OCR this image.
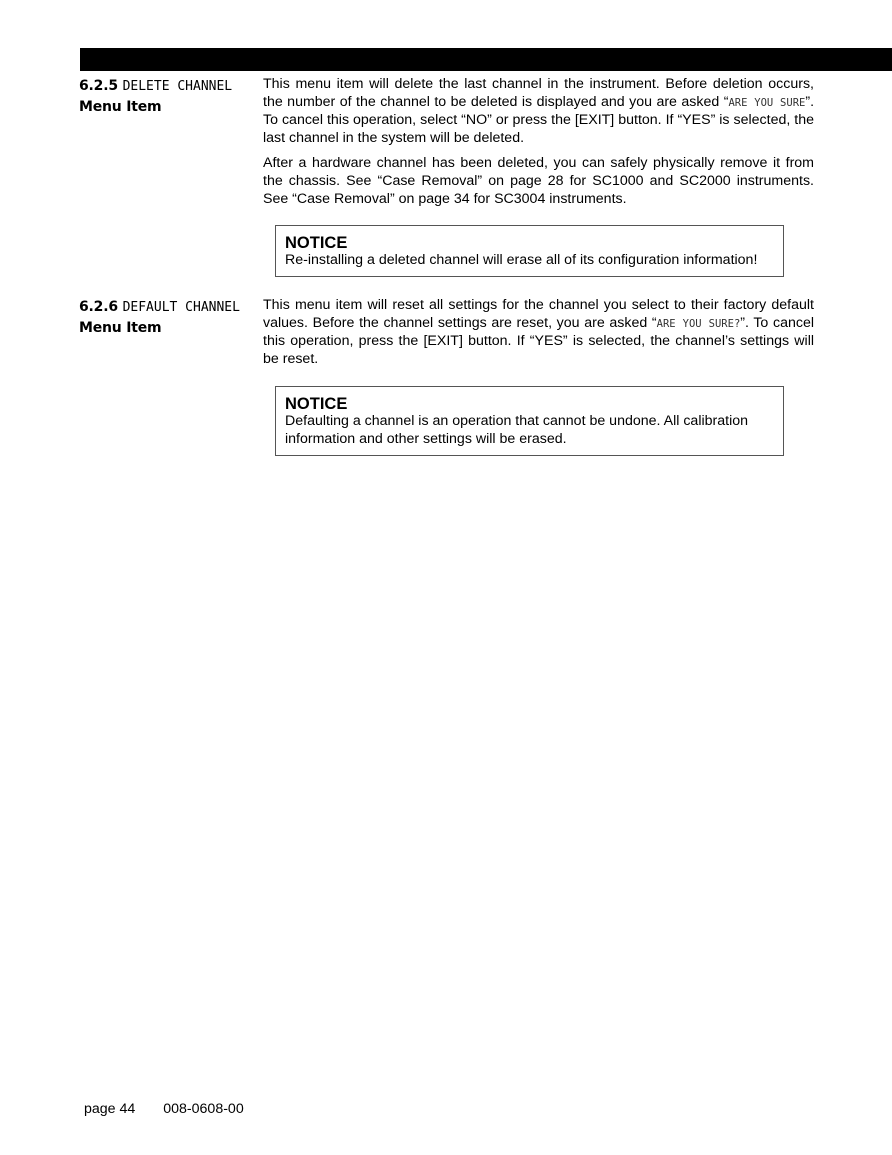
6.2.5 DELETE CHANNEL
Menu Item

This menu item will delete the last channel in the instrument. Before deletion occurs, the number of the channel to be deleted is displayed and you are asked “ARE YOU SURE”. To cancel this operation, select “NO” or press the [EXIT] button. If “YES” is selected, the last channel in the system will be deleted.

After a hardware channel has been deleted, you can safely physically remove it from the chassis. See “Case Removal” on page 28 for SC1000 and SC2000 instruments. See “Case Removal” on page 34 for SC3004 instruments.

NOTICE
Re-installing a deleted channel will erase all of its configuration information!
6.2.6 DEFAULT CHANNEL
Menu Item

This menu item will reset all settings for the channel you select to their factory default values. Before the channel settings are reset, you are asked “ARE YOU SURE?”. To cancel this operation, press the [EXIT] button. If “YES” is selected, the channel’s settings will be reset.

NOTICE
Defaulting a channel is an operation that cannot be undone. All calibration information and other settings will be erased.
page 44 008-0608-00
